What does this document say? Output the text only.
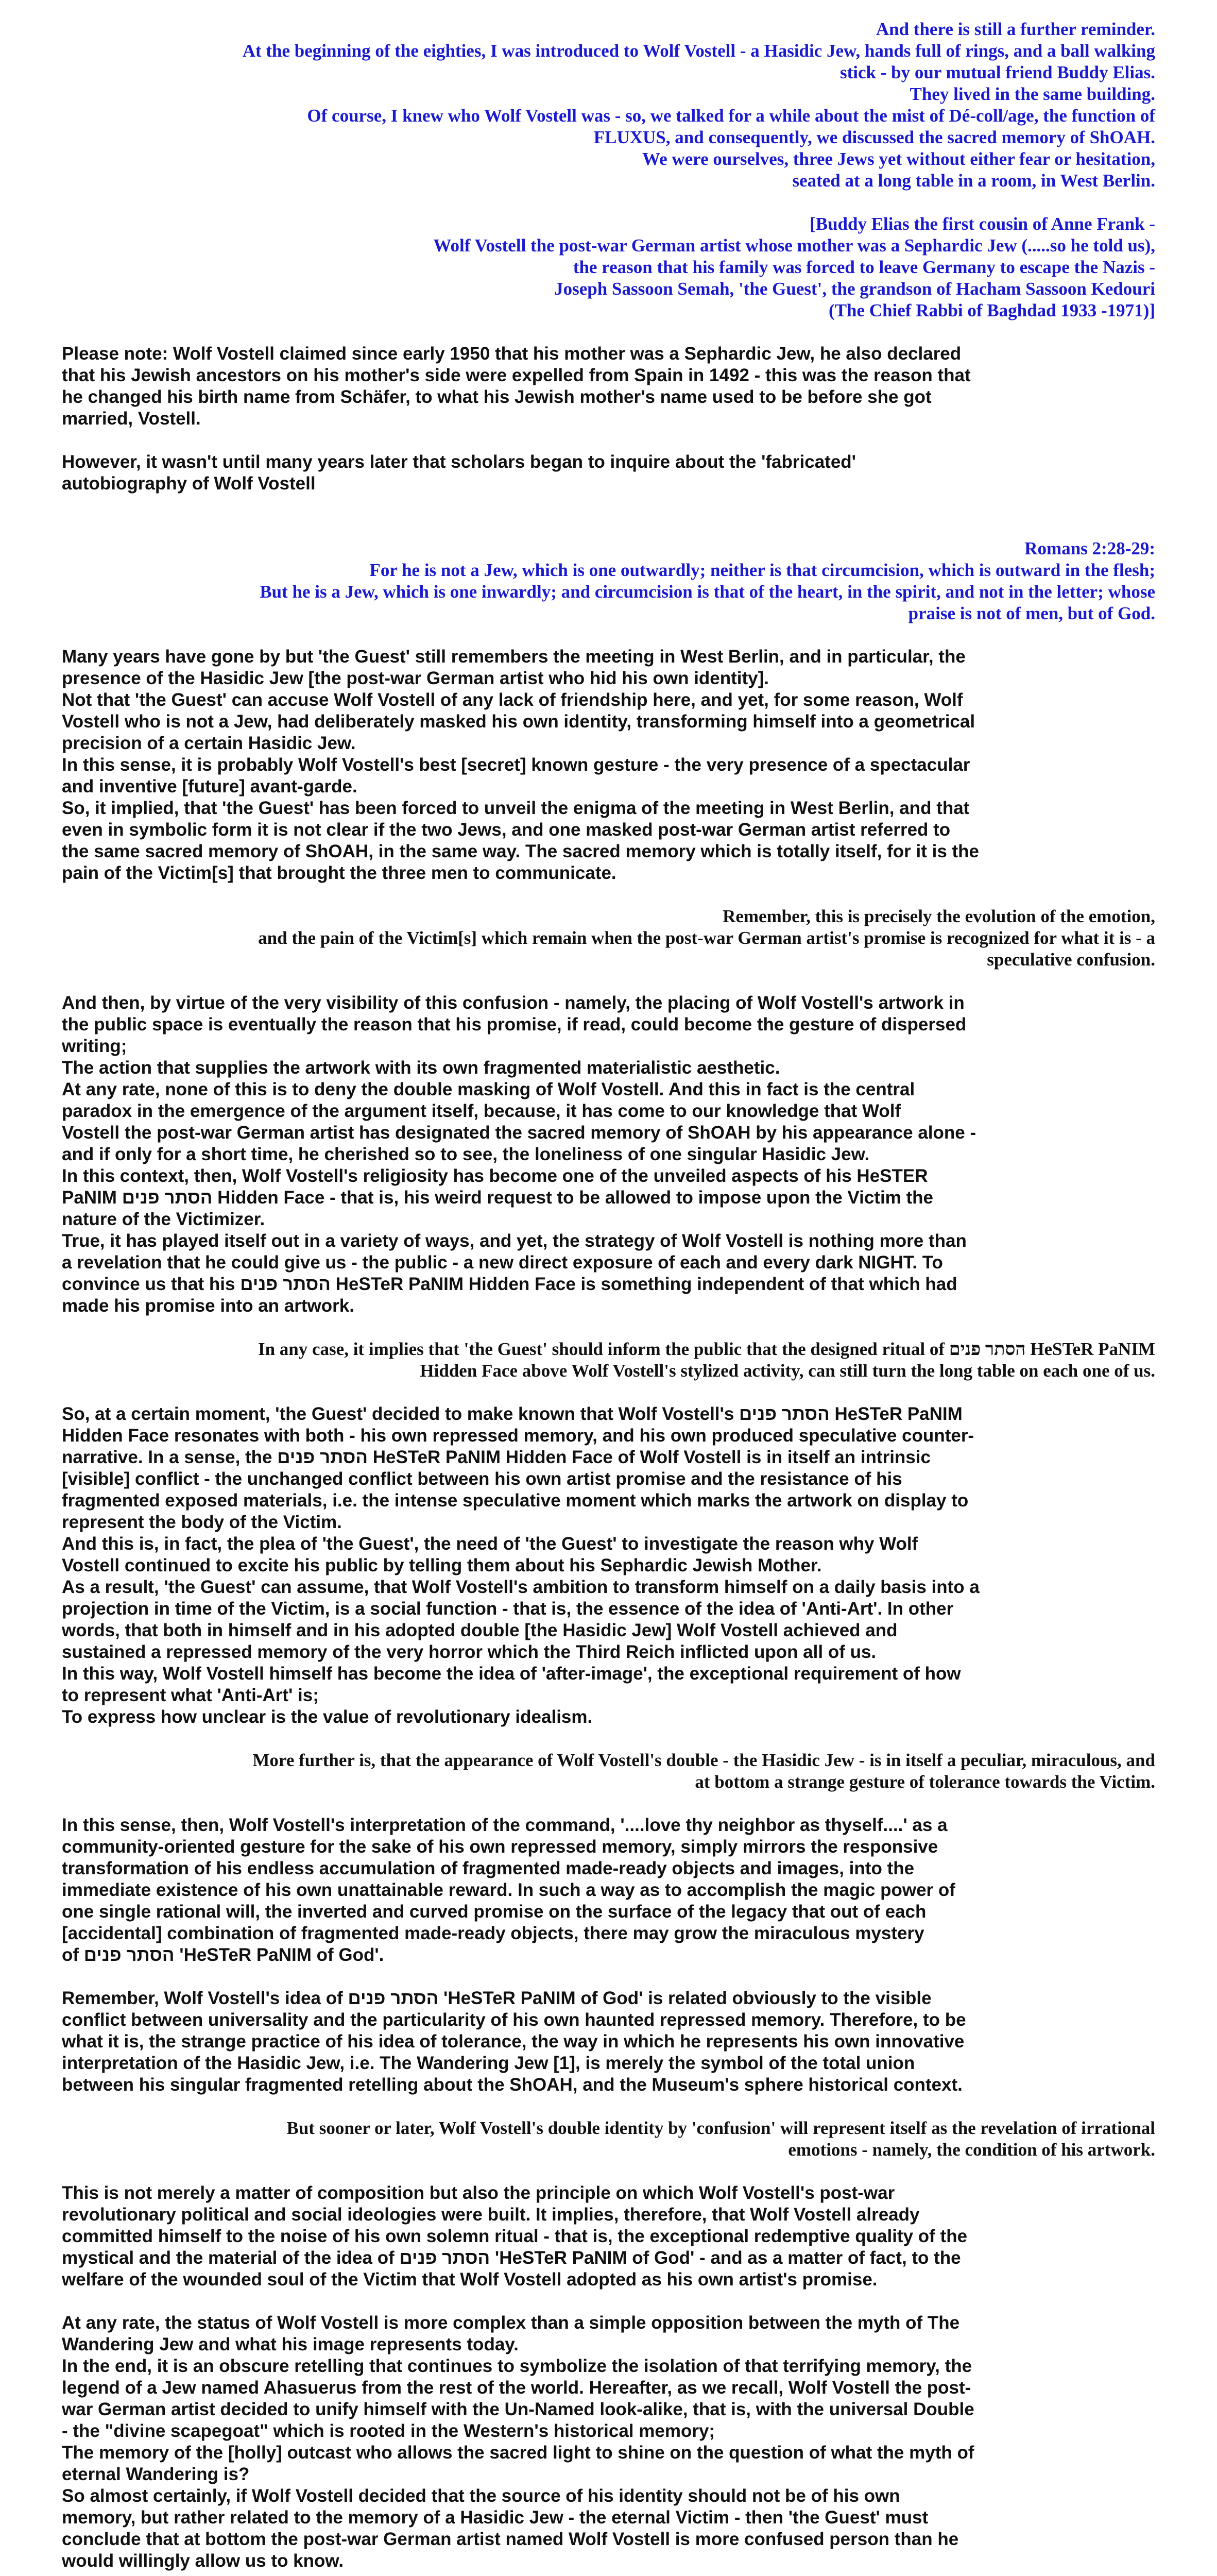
And there is still a further reminder.
At the beginning of the eighties, I was introduced to Wolf Vostell - a Hasidic Jew, hands full of rings, and a ball walking
stick - by our mutual friend Buddy Elias.
They lived in the same building.
Of course, I knew who Wolf Vostell was - so, we talked for a while about the mist of Dé-coll/age, the function of
FLUXUS, and consequently, we discussed the sacred memory of ShOAH.
We were ourselves, three Jews yet without either fear or hesitation,
seated at a long table in a room, in West Berlin.
[Buddy Elias the first cousin of Anne Frank -
Wolf Vostell the post-war German artist whose mother was a Sephardic Jew (.....so he told us),
the reason that his family was forced to leave Germany to escape the Nazis -
Joseph Sassoon Semah, 'the Guest', the grandson of Hacham Sassoon Kedouri
(The Chief Rabbi of Baghdad 1933 -1971)]
Please note: Wolf Vostell claimed since early 1950 that his mother was a Sephardic Jew, he also declared
that his Jewish ancestors on his mother's side were expelled from Spain in 1492 - this was the reason that
he changed his birth name from Schäfer, to what his Jewish mother's name used to be before she got
married, Vostell.
However, it wasn't until many years later that scholars began to inquire about the 'fabricated'
autobiography of Wolf Vostell
Romans 2:28-29:
For he is not a Jew, which is one outwardly; neither is that circumcision, which is outward in the flesh;
But he is a Jew, which is one inwardly; and circumcision is that of the heart, in the spirit, and not in the letter; whose
praise is not of men, but of God.
Many years have gone by but 'the Guest' still remembers the meeting in West Berlin, and in particular, the
presence of the Hasidic Jew [the post-war German artist who hid his own identity].
Not that 'the Guest' can accuse Wolf Vostell of any lack of friendship here, and yet, for some reason, Wolf
Vostell who is not a Jew, had deliberately masked his own identity, transforming himself into a geometrical
precision of a certain Hasidic Jew.
In this sense, it is probably Wolf Vostell's best [secret] known gesture - the very presence of a spectacular
and inventive [future] avant-garde.
So, it implied, that 'the Guest' has been forced to unveil the enigma of the meeting in West Berlin, and that
even in symbolic form it is not clear if the two Jews, and one masked post-war German artist referred to
the same sacred memory of ShOAH, in the same way. The sacred memory which is totally itself, for it is the
pain of the Victim[s] that brought the three men to communicate.
Remember, this is precisely the evolution of the emotion,
and the pain of the Victim[s] which remain when the post-war German artist's promise is recognized for what it is - a
speculative confusion.
And then, by virtue of the very visibility of this confusion - namely, the placing of Wolf Vostell's artwork in
the public space is eventually the reason that his promise, if read, could become the gesture of dispersed
writing;
The action that supplies the artwork with its own fragmented materialistic aesthetic.
At any rate, none of this is to deny the double masking of Wolf Vostell. And this in fact is the central
paradox in the emergence of the argument itself, because, it has come to our knowledge that Wolf
Vostell the post-war German artist has designated the sacred memory of ShOAH by his appearance alone -
and if only for a short time, he cherished so to see, the loneliness of one singular Hasidic Jew.
In this context, then, Wolf Vostell's religiosity has become one of the unveiled aspects of his HeSTER
PaNIM הסתר פנים Hidden Face - that is, his weird request to be allowed to impose upon the Victim the
nature of the Victimizer.
True, it has played itself out in a variety of ways, and yet, the strategy of Wolf Vostell is nothing more than
a revelation that he could give us - the public - a new direct exposure of each and every dark NIGHT. To
convince us that his הסתר פנים HeSTeR PaNIM Hidden Face is something independent of that which had
made his promise into an artwork.
In any case, it implies that 'the Guest' should inform the public that the designed ritual of הסתר פנים HeSTeR PaNIM
Hidden Face above Wolf Vostell's stylized activity, can still turn the long table on each one of us.
So, at a certain moment, 'the Guest' decided to make known that Wolf Vostell's הסתר פנים HeSTeR PaNIM
Hidden Face resonates with both - his own repressed memory, and his own produced speculative counter-
narrative. In a sense, the הסתר פנים HeSTeR PaNIM Hidden Face of Wolf Vostell is in itself an intrinsic
[visible] conflict - the unchanged conflict between his own artist promise and the resistance of his
fragmented exposed materials, i.e. the intense speculative moment which marks the artwork on display to
represent the body of the Victim.
And this is, in fact, the plea of 'the Guest', the need of 'the Guest' to investigate the reason why Wolf
Vostell continued to excite his public by telling them about his Sephardic Jewish Mother.
As a result, 'the Guest' can assume, that Wolf Vostell's ambition to transform himself on a daily basis into a
projection in time of the Victim, is a social function - that is, the essence of the idea of 'Anti-Art'. In other
words, that both in himself and in his adopted double [the Hasidic Jew] Wolf Vostell achieved and
sustained a repressed memory of the very horror which the Third Reich inflicted upon all of us.
In this way, Wolf Vostell himself has become the idea of 'after-image', the exceptional requirement of how
to represent what 'Anti-Art' is;
To express how unclear is the value of revolutionary idealism.
More further is, that the appearance of Wolf Vostell's double - the Hasidic Jew - is in itself a peculiar, miraculous, and
at bottom a strange gesture of tolerance towards the Victim.
In this sense, then, Wolf Vostell's interpretation of the command, '....love thy neighbor as thyself....' as a
community-oriented gesture for the sake of his own repressed memory, simply mirrors the responsive
transformation of his endless accumulation of fragmented made-ready objects and images, into the
immediate existence of his own unattainable reward. In such a way as to accomplish the magic power of
one single rational will, the inverted and curved promise on the surface of the legacy that out of each
[accidental] combination of fragmented made-ready objects, there may grow the miraculous mystery
of הסתר פנים 'HeSTeR PaNIM of God'.
Remember, Wolf Vostell's idea of הסתר פנים 'HeSTeR PaNIM of God' is related obviously to the visible
conflict between universality and the particularity of his own haunted repressed memory. Therefore, to be
what it is, the strange practice of his idea of tolerance, the way in which he represents his own innovative
interpretation of the Hasidic Jew, i.e. The Wandering Jew [1], is merely the symbol of the total union
between his singular fragmented retelling about the ShOAH, and the Museum's sphere historical context.
But sooner or later, Wolf Vostell's double identity by 'confusion' will represent itself as the revelation of irrational
emotions - namely, the condition of his artwork.
This is not merely a matter of composition but also the principle on which Wolf Vostell's post-war
revolutionary political and social ideologies were built. It implies, therefore, that Wolf Vostell already
committed himself to the noise of his own solemn ritual - that is, the exceptional redemptive quality of the
mystical and the material of the idea of הסתר פנים 'HeSTeR PaNIM of God' - and as a matter of fact, to the
welfare of the wounded soul of the Victim that Wolf Vostell adopted as his own artist's promise.
At any rate, the status of Wolf Vostell is more complex than a simple opposition between the myth of The
Wandering Jew and what his image represents today.
In the end, it is an obscure retelling that continues to symbolize the isolation of that terrifying memory, the
legend of a Jew named Ahasuerus from the rest of the world. Hereafter, as we recall, Wolf Vostell the post-
war German artist decided to unify himself with the Un-Named look-alike, that is, with the universal Double
- the "divine scapegoat" which is rooted in the Western's historical memory;
The memory of the [holly] outcast who allows the sacred light to shine on the question of what the myth of
eternal Wandering is?
So almost certainly, if Wolf Vostell decided that the source of his identity should not be of his own
memory, but rather related to the memory of a Hasidic Jew - the eternal Victim - then 'the Guest' must
conclude that at bottom the post-war German artist named Wolf Vostell is more confused person than he
would willingly allow us to know.
